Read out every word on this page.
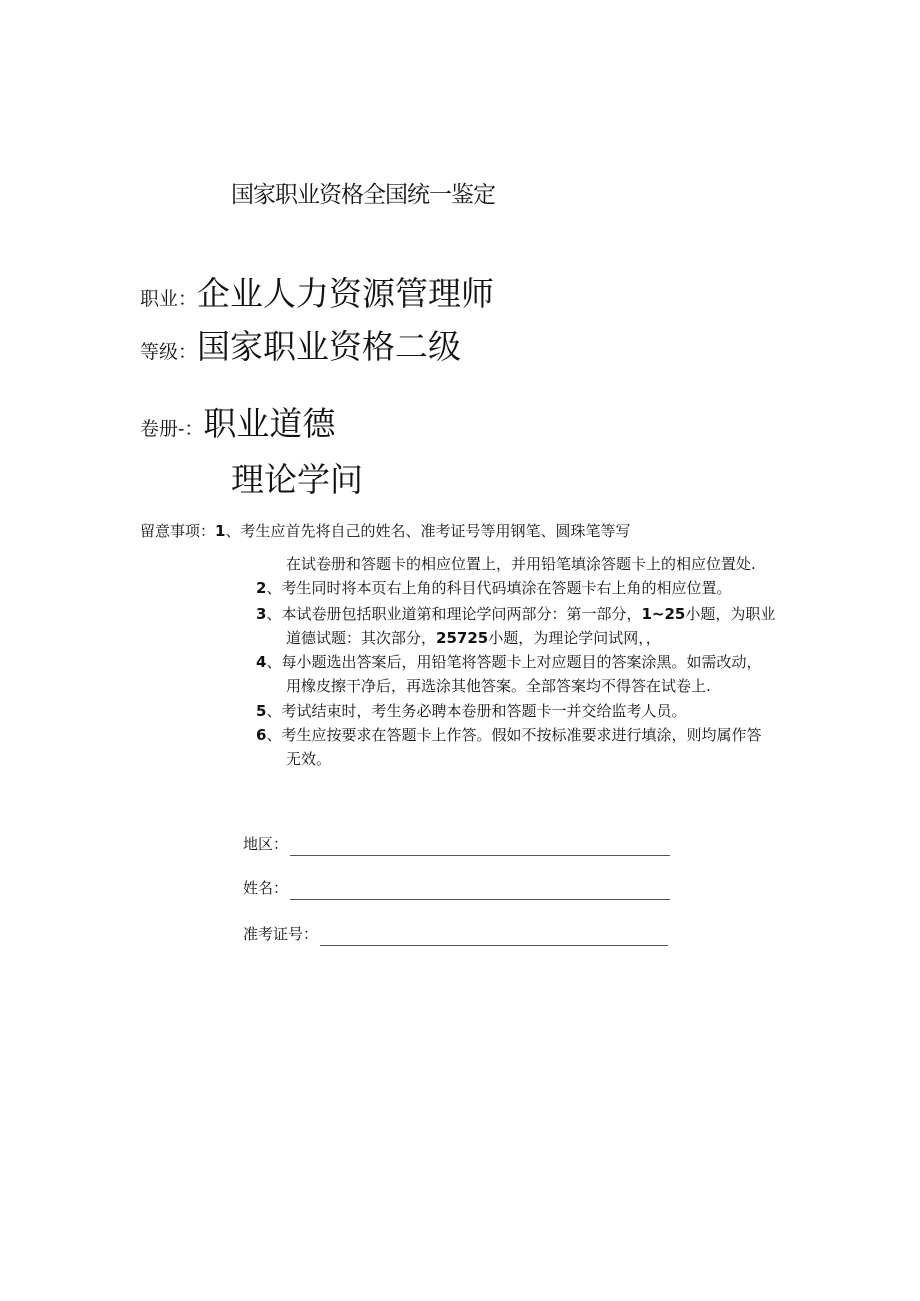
国家职业资格全国统一鉴定
职业：企业人力资源管理师
等级：国家职业资格二级
卷册-：职业道德
理论学问
留意事项：1、考生应首先将自己的姓名、准考证号等用钢笔、圆珠笔等写
在试卷册和答题卡的相应位置上，并用铅笔填涂答题卡上的相应位置处.
2、考生同时将本页右上角的科目代码填涂在答题卡右上角的相应位置。
3、本试卷册包括职业道第和理论学问两部分：第一部分，1~25小题，为职业
道德试题：其次部分，25725小题，为理论学问试网，，
4、每小题选出答案后，用铅笔将答题卡上对应题目的答案涂黑。如需改动，
用橡皮擦干净后，再选涂其他答案。全部答案均不得答在试卷上.
5、考试结束时，考生务必聘本卷册和答题卡一并交给监考人员。
6、考生应按要求在答题卡上作答。假如不按标准要求进行填涂，则均属作答
无效。
地区：
姓名：
准考证号：
